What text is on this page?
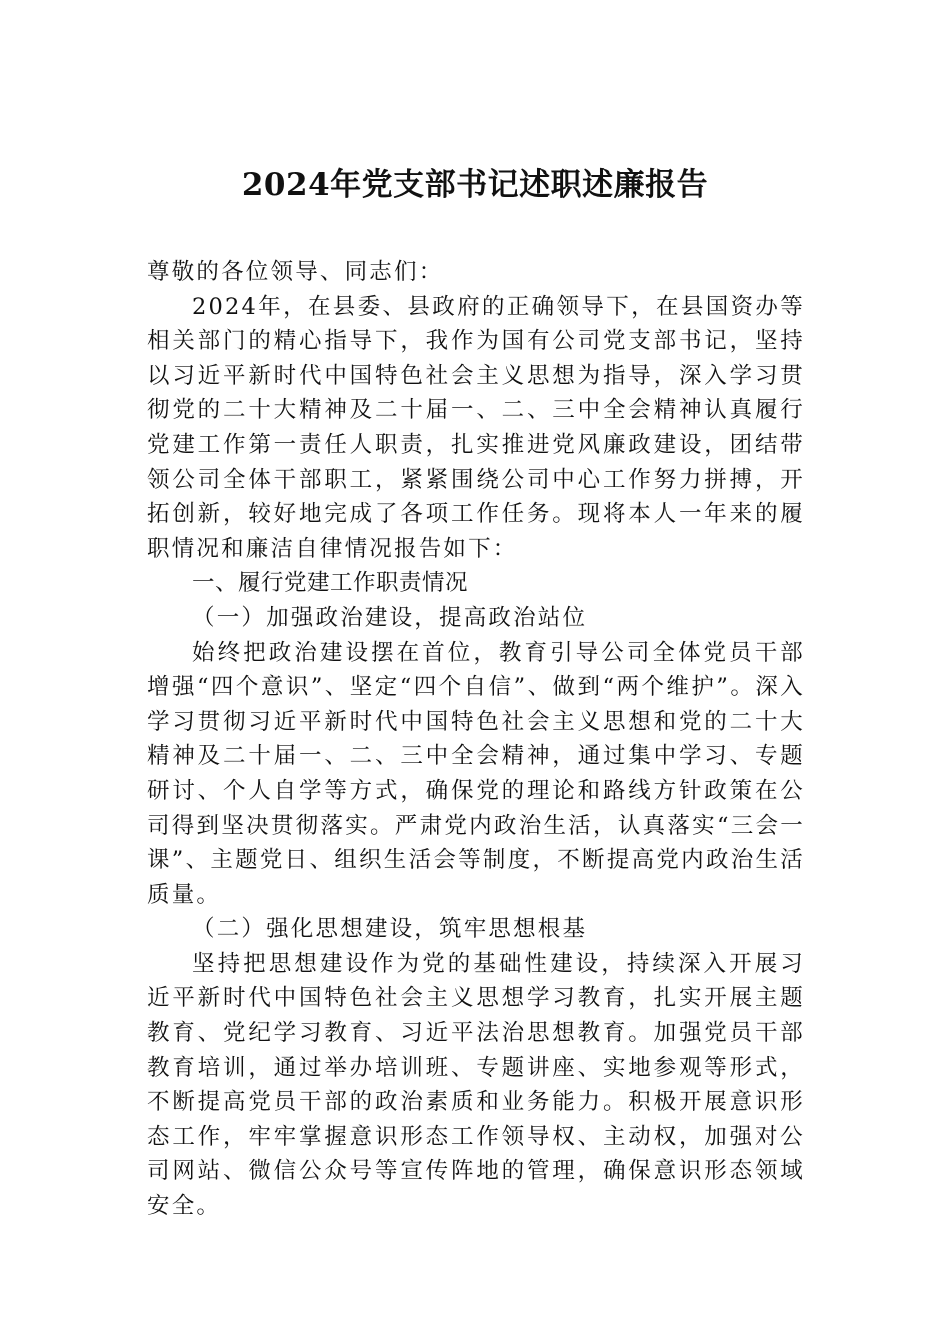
2024年党支部书记述职述廉报告

尊敬的各位领导、同志们：

2024年，在县委、县政府的正确领导下，在县国资办等相关部门的精心指导下，我作为国有公司党支部书记，坚持以习近平新时代中国特色社会主义思想为指导，深入学习贯彻党的二十大精神及二十届一、二、三中全会精神认真履行党建工作第一责任人职责，扎实推进党风廉政建设，团结带领公司全体干部职工，紧紧围绕公司中心工作努力拼搏，开拓创新，较好地完成了各项工作任务。现将本人一年来的履职情况和廉洁自律情况报告如下：

一、履行党建工作职责情况

（一）加强政治建设，提高政治站位

始终把政治建设摆在首位，教育引导公司全体党员干部增强“四个意识”、坚定“四个自信”、做到“两个维护”。深入学习贯彻习近平新时代中国特色社会主义思想和党的二十大精神及二十届一、二、三中全会精神，通过集中学习、专题研讨、个人自学等方式，确保党的理论和路线方针政策在公司得到坚决贯彻落实。严肃党内政治生活，认真落实“三会一课”、主题党日、组织生活会等制度，不断提高党内政治生活质量。

（二）强化思想建设，筑牢思想根基

坚持把思想建设作为党的基础性建设，持续深入开展习近平新时代中国特色社会主义思想学习教育，扎实开展主题教育、党纪学习教育、习近平法治思想教育。加强党员干部教育培训，通过举办培训班、专题讲座、实地参观等形式，不断提高党员干部的政治素质和业务能力。积极开展意识形态工作，牢牢掌握意识形态工作领导权、主动权，加强对公司网站、微信公众号等宣传阵地的管理，确保意识形态领域安全。
